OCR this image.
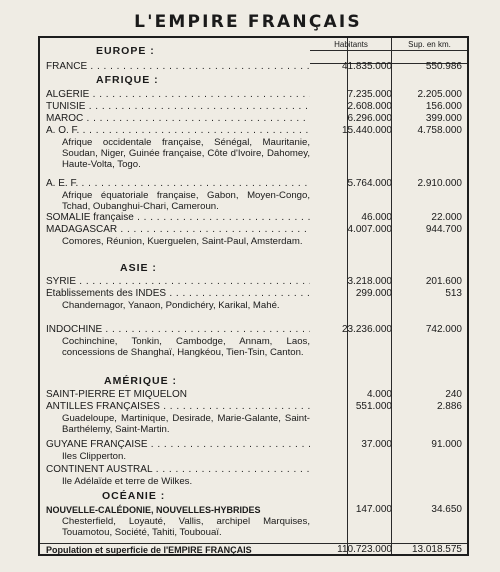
L'EMPIRE FRANÇAIS
Habitants	Sup. en km.
EUROPE :
FRANCE . . .	41.835.000	550.986
AFRIQUE :
ALGÉRIE . . .	7.235.000	2.205.000
TUNISIE . . .	2.608.000	156.000
MAROC . . .	6.296.000	399.000
A. O. F. . . .	15.440.000	4.758.000
Afrique occidentale française, Sénégal, Mauritanie, Soudan, Niger, Guinée française, Côte d'Ivoire, Dahomey, Haute-Volta, Togo.
A. E. F. . . .	5.764.000	2.910.000
Afrique équatoriale française, Gabon, Moyen-Congo, Tchad, Oubanghui-Chari, Cameroun.
SOMALIE française . . .	46.000	22.000
MADAGASCAR . . .	4.007.000	944.700
Comores, Réunion, Kuerguelen, Saint-Paul, Amsterdam.
ASIE :
SYRIE . . .	3.218.000	201.600
Établissements des INDES . . .	299.000	513
Chandernagor, Yanaon, Pondichéry, Karikal, Mahé.
INDOCHINE . . .	23.236.000	742.000
Cochinchine, Tonkin, Cambodge, Annam, Laos, concessions de Shanghaï, Hangkéou, Tien-Tsin, Canton.
AMÉRIQUE :
SAINT-PIERRE ET MIQUELON	4.000	240
ANTILLES FRANÇAISES . . .	551.000	2.886
Guadeloupe, Martinique, Desirade, Marie-Galante, Saint-Barthélemy, Saint-Martin.
GUYANE FRANÇAISE . . .	37.000	91.000
Iles Clipperton.
CONTINENT AUSTRAL . . .
Ile Adélaïde et terre de Wilkes.
OCÉANIE :
NOUVELLE-CALÉDONIE, NOUVELLES-HYBRIDES	147.000	34.650
Chesterfield, Loyauté, Vallis, archipel Marquises, Touamotou, Société, Tahiti, Toubouaï.
Population et superficie de l'EMPIRE FRANÇAIS	110.723.000	13.018.575
